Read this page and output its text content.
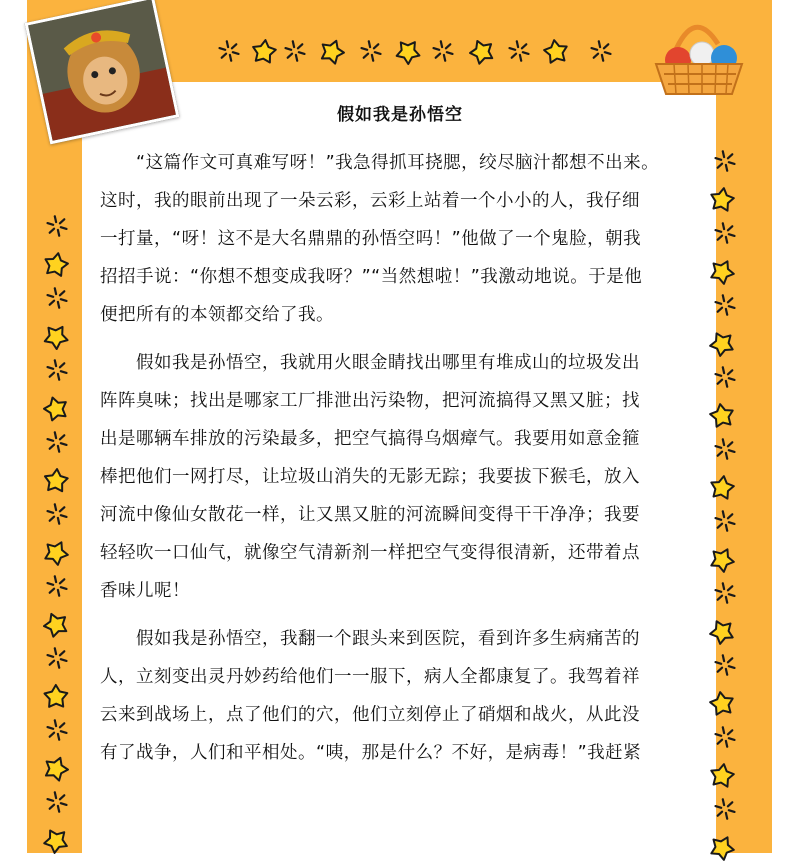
假如我是孙悟空
“这篇作文可真难写呀！”我急得抓耳挠腮，绞尽脑汁都想不出来。
这时，我的眼前出现了一朵云彩，云彩上站着一个小小的人，我仔细
一打量，“呀！这不是大名鼎鼎的孙悟空吗！”他做了一个鬼脸，朝我
招招手说：“你想不想变成我呀？”“当然想啦！”我激动地说。于是他
便把所有的本领都交给了我。
假如我是孙悟空，我就用火眼金睛找出哪里有堆成山的垃圾发出
阵阵臭味；找出是哪家工厂排泄出污染物，把河流搞得又黑又脏；找
出是哪辆车排放的污染最多，把空气搞得乌烟瘴气。我要用如意金箍
棒把他们一网打尽，让垃圾山消失的无影无踪；我要拔下猴毛，放入
河流中像仙女散花一样，让又黑又脏的河流瞬间变得干干净净；我要
轻轻吹一口仙气，就像空气清新剂一样把空气变得很清新，还带着点
香味儿呢！
假如我是孙悟空，我翻一个跟头来到医院，看到许多生病痛苦的
人，立刻变出灵丹妙药给他们一一服下，病人全都康复了。我驾着祥
云来到战场上，点了他们的穴，他们立刻停止了硝烟和战火，从此没
有了战争，人们和平相处。“咦，那是什么？不好，是病毒！”我赶紧
